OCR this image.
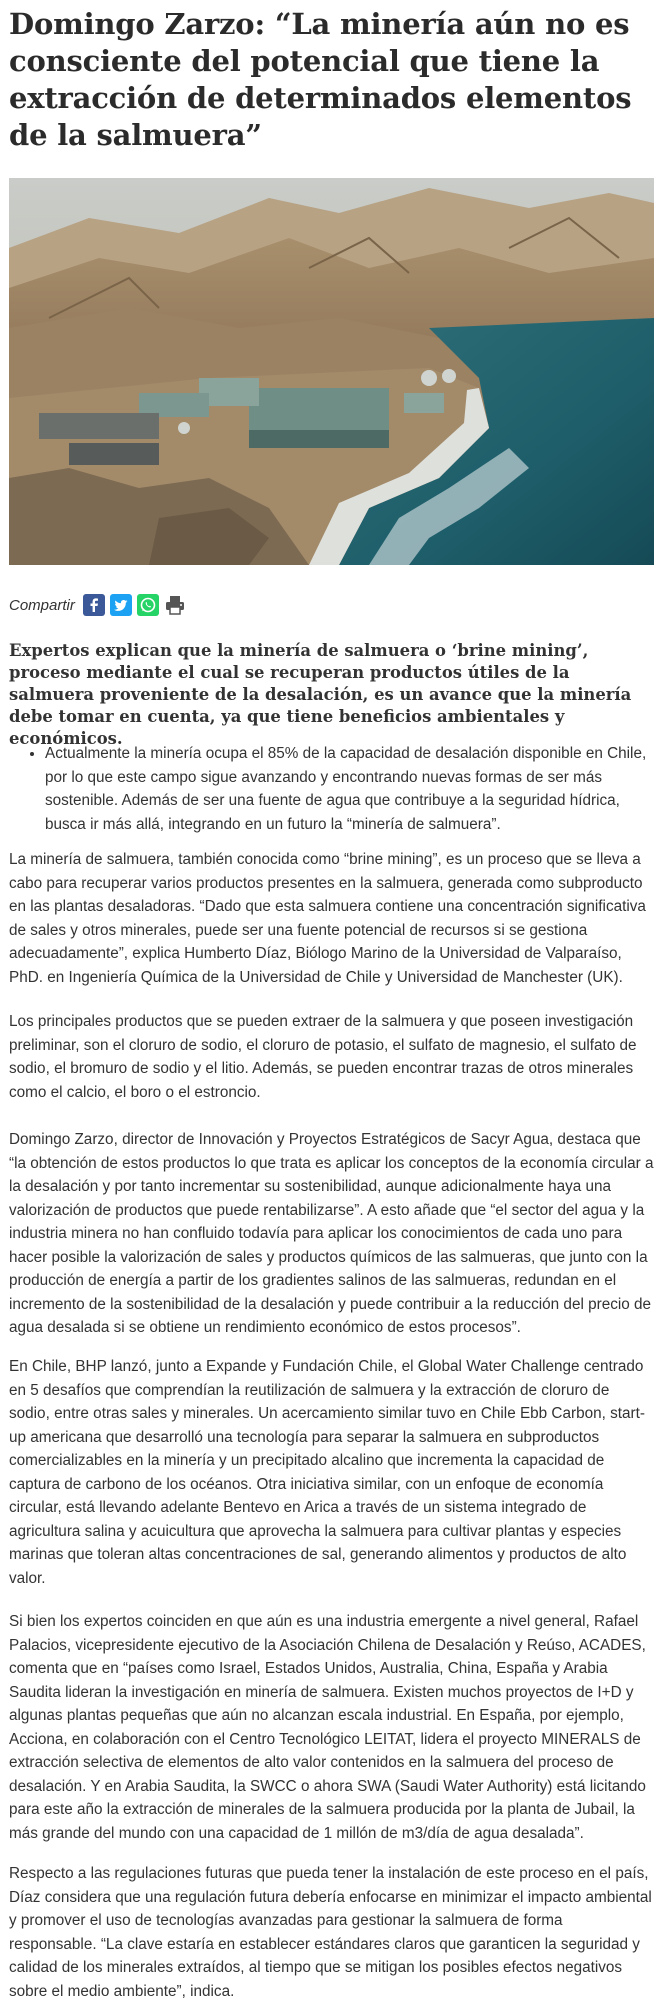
Domingo Zarzo: “La minería aún no es consciente del potencial que tiene la extracción de determinados elementos de la salmuera”
Compartir

Expertos explican que la minería de salmuera o ‘brine mining’, proceso mediante el cual se recuperan productos útiles de la salmuera proveniente de la desalación, es un avance que la minería debe tomar en cuenta, ya que tiene beneficios ambientales y económicos.

• Actualmente la minería ocupa el 85% de la capacidad de desalación disponible en Chile, por lo que este campo sigue avanzando y encontrando nuevas formas de ser más sostenible. Además de ser una fuente de agua que contribuye a la seguridad hídrica, busca ir más allá, integrando en un futuro la “minería de salmuera”.

La minería de salmuera, también conocida como “brine mining”, es un proceso que se lleva a cabo para recuperar varios productos presentes en la salmuera, generada como subproducto en las plantas desaladoras. “Dado que esta salmuera contiene una concentración significativa de sales y otros minerales, puede ser una fuente potencial de recursos si se gestiona adecuadamente”, explica Humberto Díaz, Biólogo Marino de la Universidad de Valparaíso, PhD. en Ingeniería Química de la Universidad de Chile y Universidad de Manchester (UK).

Los principales productos que se pueden extraer de la salmuera y que poseen investigación preliminar, son el cloruro de sodio, el cloruro de potasio, el sulfato de magnesio, el sulfato de sodio, el bromuro de sodio y el litio. Además, se pueden encontrar trazas de otros minerales como el calcio, el boro o el estroncio.

Domingo Zarzo, director de Innovación y Proyectos Estratégicos de Sacyr Agua, destaca que “la obtención de estos productos lo que trata es aplicar los conceptos de la economía circular a la desalación y por tanto incrementar su sostenibilidad, aunque adicionalmente haya una valorización de productos que puede rentabilizarse”. A esto añade que “el sector del agua y la industria minera no han confluido todavía para aplicar los conocimientos de cada uno para hacer posible la valorización de sales y productos químicos de las salmueras, que junto con la producción de energía a partir de los gradientes salinos de las salmueras, redundan en el incremento de la sostenibilidad de la desalación y puede contribuir a la reducción del precio de agua desalada si se obtiene un rendimiento económico de estos procesos”.

En Chile, BHP lanzó, junto a Expande y Fundación Chile, el Global Water Challenge centrado en 5 desafíos que comprendían la reutilización de salmuera y la extracción de cloruro de sodio, entre otras sales y minerales. Un acercamiento similar tuvo en Chile Ebb Carbon, start-up americana que desarrolló una tecnología para separar la salmuera en subproductos comercializables en la minería y un precipitado alcalino que incrementa la capacidad de captura de carbono de los océanos. Otra iniciativa similar, con un enfoque de economía circular, está llevando adelante Bentevo en Arica a través de un sistema integrado de agricultura salina y acuicultura que aprovecha la salmuera para cultivar plantas y especies marinas que toleran altas concentraciones de sal, generando alimentos y productos de alto valor.

Si bien los expertos coinciden en que aún es una industria emergente a nivel general, Rafael Palacios, vicepresidente ejecutivo de la Asociación Chilena de Desalación y Reúso, ACADES, comenta que en “países como Israel, Estados Unidos, Australia, China, España y Arabia Saudita lideran la investigación en minería de salmuera. Existen muchos proyectos de I+D y algunas plantas pequeñas que aún no alcanzan escala industrial. En España, por ejemplo, Acciona, en colaboración con el Centro Tecnológico LEITAT, lidera el proyecto MINERALS de extracción selectiva de elementos de alto valor contenidos en la salmuera del proceso de desalación. Y en Arabia Saudita, la SWCC o ahora SWA (Saudi Water Authority) está licitando para este año la extracción de minerales de la salmuera producida por la planta de Jubail, la más grande del mundo con una capacidad de 1 millón de m3/día de agua desalada”.

Respecto a las regulaciones futuras que pueda tener la instalación de este proceso en el país, Díaz considera que una regulación futura debería enfocarse en minimizar el impacto ambiental y promover el uso de tecnologías avanzadas para gestionar la salmuera de forma responsable. “La clave estaría en establecer estándares claros que garanticen la seguridad y calidad de los minerales extraídos, al tiempo que se mitigan los posibles efectos negativos sobre el medio ambiente”, indica.
